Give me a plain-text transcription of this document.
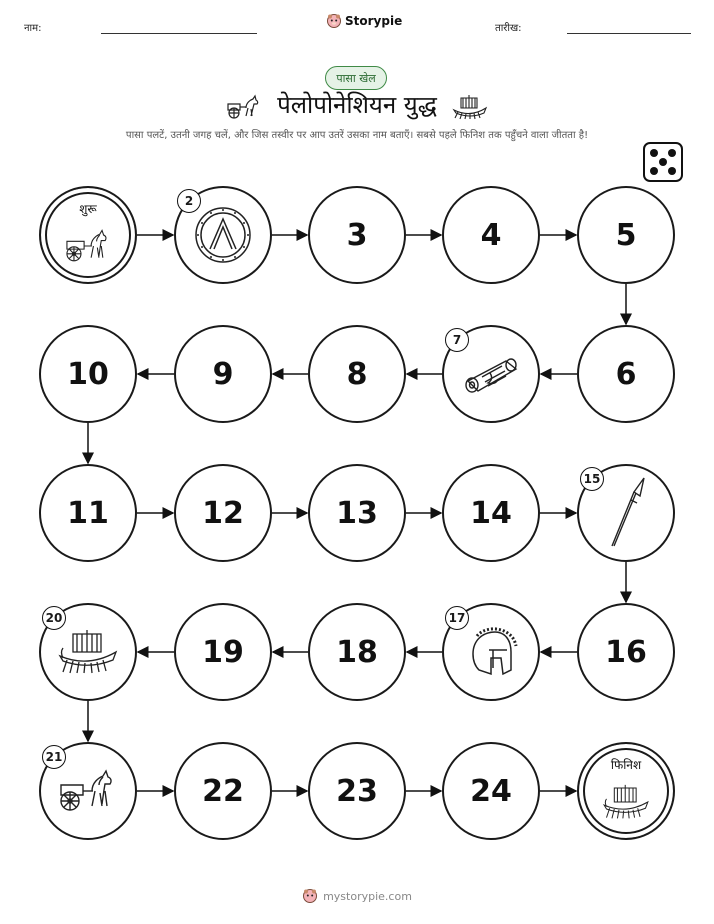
नाम:
Storypie
तारीख:
पासा खेल
पेलोपोनेशियन युद्ध
पासा पलटें, उतनी जगह चलें, और जिस तस्वीर पर आप उतरें उसका नाम बताएँ। सबसे पहले फिनिश तक पहुँचने वाला जीतता है!
शुरू
2
3	4	5
6
7
8
9
10
11	12	13	14
15
16
17
18
19
20
21
22	23	24
फिनिश
mystorypie.com
